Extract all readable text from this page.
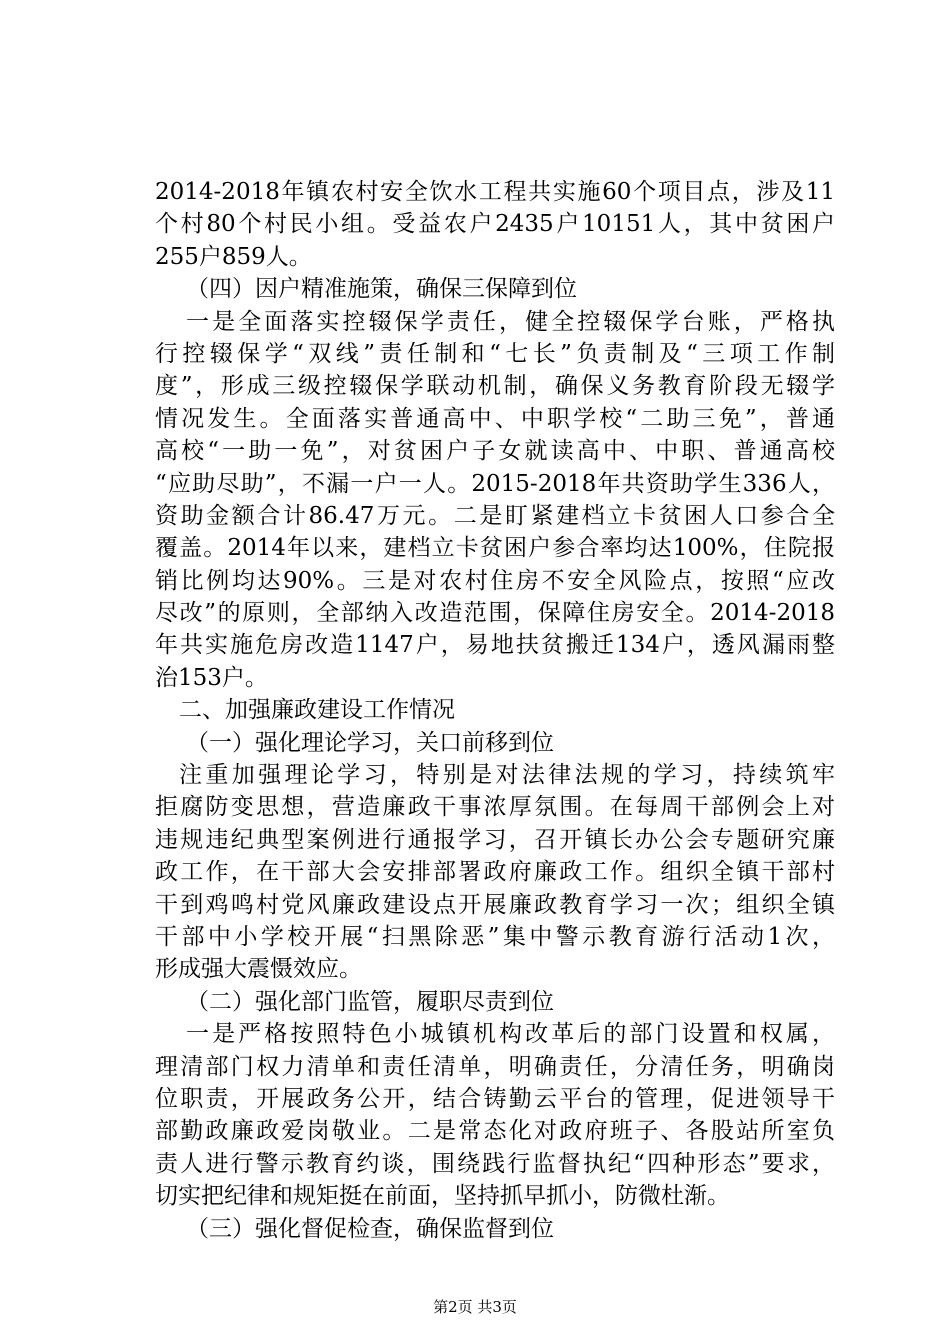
2014-2018年镇农村安全饮水工程共实施60个项目点，涉及11
个村80个村民小组。受益农户2435户10151人，其中贫困户
255户859人。
（四）因户精准施策，确保三保障到位
一是全面落实控辍保学责任，健全控辍保学台账，严格执
行控辍保学“双线”责任制和“七长”负责制及“三项工作制
度”，形成三级控辍保学联动机制，确保义务教育阶段无辍学
情况发生。全面落实普通高中、中职学校“二助三免”，普通
高校“一助一免”，对贫困户子女就读高中、中职、普通高校
“应助尽助”，不漏一户一人。2015-2018年共资助学生336人，
资助金额合计86.47万元。二是盯紧建档立卡贫困人口参合全
覆盖。2014年以来，建档立卡贫困户参合率均达100%，住院报
销比例均达90%。三是对农村住房不安全风险点，按照“应改
尽改”的原则，全部纳入改造范围，保障住房安全。2014-2018
年共实施危房改造1147户，易地扶贫搬迁134户，透风漏雨整
治153户。
二、加强廉政建设工作情况
（一）强化理论学习，关口前移到位
注重加强理论学习，特别是对法律法规的学习，持续筑牢
拒腐防变思想，营造廉政干事浓厚氛围。在每周干部例会上对
违规违纪典型案例进行通报学习，召开镇长办公会专题研究廉
政工作，在干部大会安排部署政府廉政工作。组织全镇干部村
干到鸡鸣村党风廉政建设点开展廉政教育学习一次；组织全镇
干部中小学校开展“扫黑除恶”集中警示教育游行活动1次，
形成强大震慑效应。
（二）强化部门监管，履职尽责到位
一是严格按照特色小城镇机构改革后的部门设置和权属，
理清部门权力清单和责任清单，明确责任，分清任务，明确岗
位职责，开展政务公开，结合铸勤云平台的管理，促进领导干
部勤政廉政爱岗敬业。二是常态化对政府班子、各股站所室负
责人进行警示教育约谈，围绕践行监督执纪“四种形态”要求，
切实把纪律和规矩挺在前面，坚持抓早抓小，防微杜渐。
（三）强化督促检查，确保监督到位
第2页 共3页
